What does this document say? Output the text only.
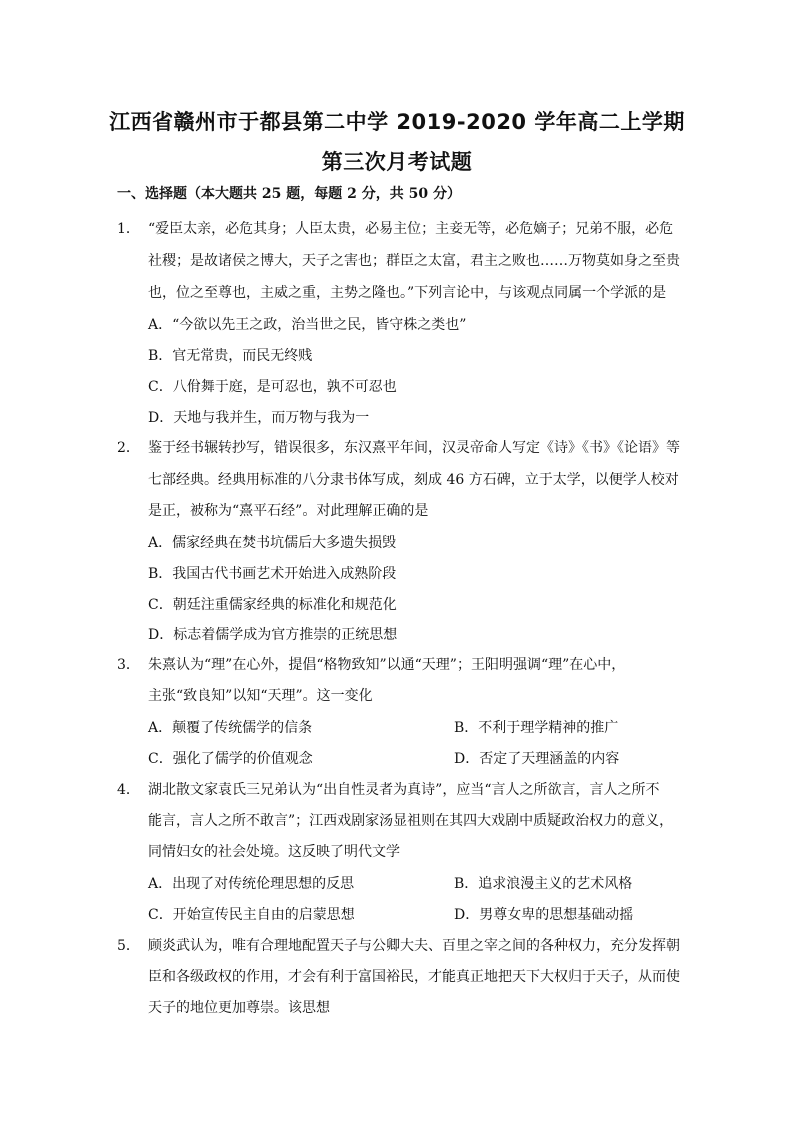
江西省赣州市于都县第二中学 2019-2020 学年高二上学期
第三次月考试题
一、选择题（本大题共 25 题，每题 2 分，共 50 分）
1． “爱臣太亲，必危其身；人臣太贵，必易主位；主妾无等，必危嫡子；兄弟不服，必危
社稷；是故诸侯之博大，天子之害也；群臣之太富，君主之败也……万物莫如身之至贵
也，位之至尊也，主威之重，主势之隆也。”下列言论中，与该观点同属一个学派的是
A．“今欲以先王之政，治当世之民，皆守株之类也”
B．官无常贵，而民无终贱
C．八佾舞于庭，是可忍也，孰不可忍也
D．天地与我并生，而万物与我为一
2． 鉴于经书辗转抄写，错误很多，东汉熹平年间，汉灵帝命人写定《诗》《书》《论语》等
七部经典。经典用标准的八分隶书体写成，刻成 46 方石碑，立于太学，以便学人校对
是正，被称为“熹平石经”。对此理解正确的是
A．儒家经典在焚书坑儒后大多遗失损毁
B．我国古代书画艺术开始进入成熟阶段
C．朝廷注重儒家经典的标准化和规范化
D．标志着儒学成为官方推崇的正统思想
3． 朱熹认为“理”在心外，提倡“格物致知”以通“天理”；王阳明强调“理”在心中，
主张“致良知”以知“天理”。这一变化
A．颠覆了传统儒学的信条	B．不利于理学精神的推广
C．强化了儒学的价值观念	D．否定了天理涵盖的内容
4． 湖北散文家袁氏三兄弟认为“出自性灵者为真诗”，应当“言人之所欲言，言人之所不
能言，言人之所不敢言”；江西戏剧家汤显祖则在其四大戏剧中质疑政治权力的意义，
同情妇女的社会处境。这反映了明代文学
A．出现了对传统伦理思想的反思	B．追求浪漫主义的艺术风格
C．开始宣传民主自由的启蒙思想	D．男尊女卑的思想基础动摇
5． 顾炎武认为，唯有合理地配置天子与公卿大夫、百里之宰之间的各种权力，充分发挥朝
臣和各级政权的作用，才会有利于富国裕民，才能真正地把天下大权归于天子，从而使
天子的地位更加尊崇。该思想
